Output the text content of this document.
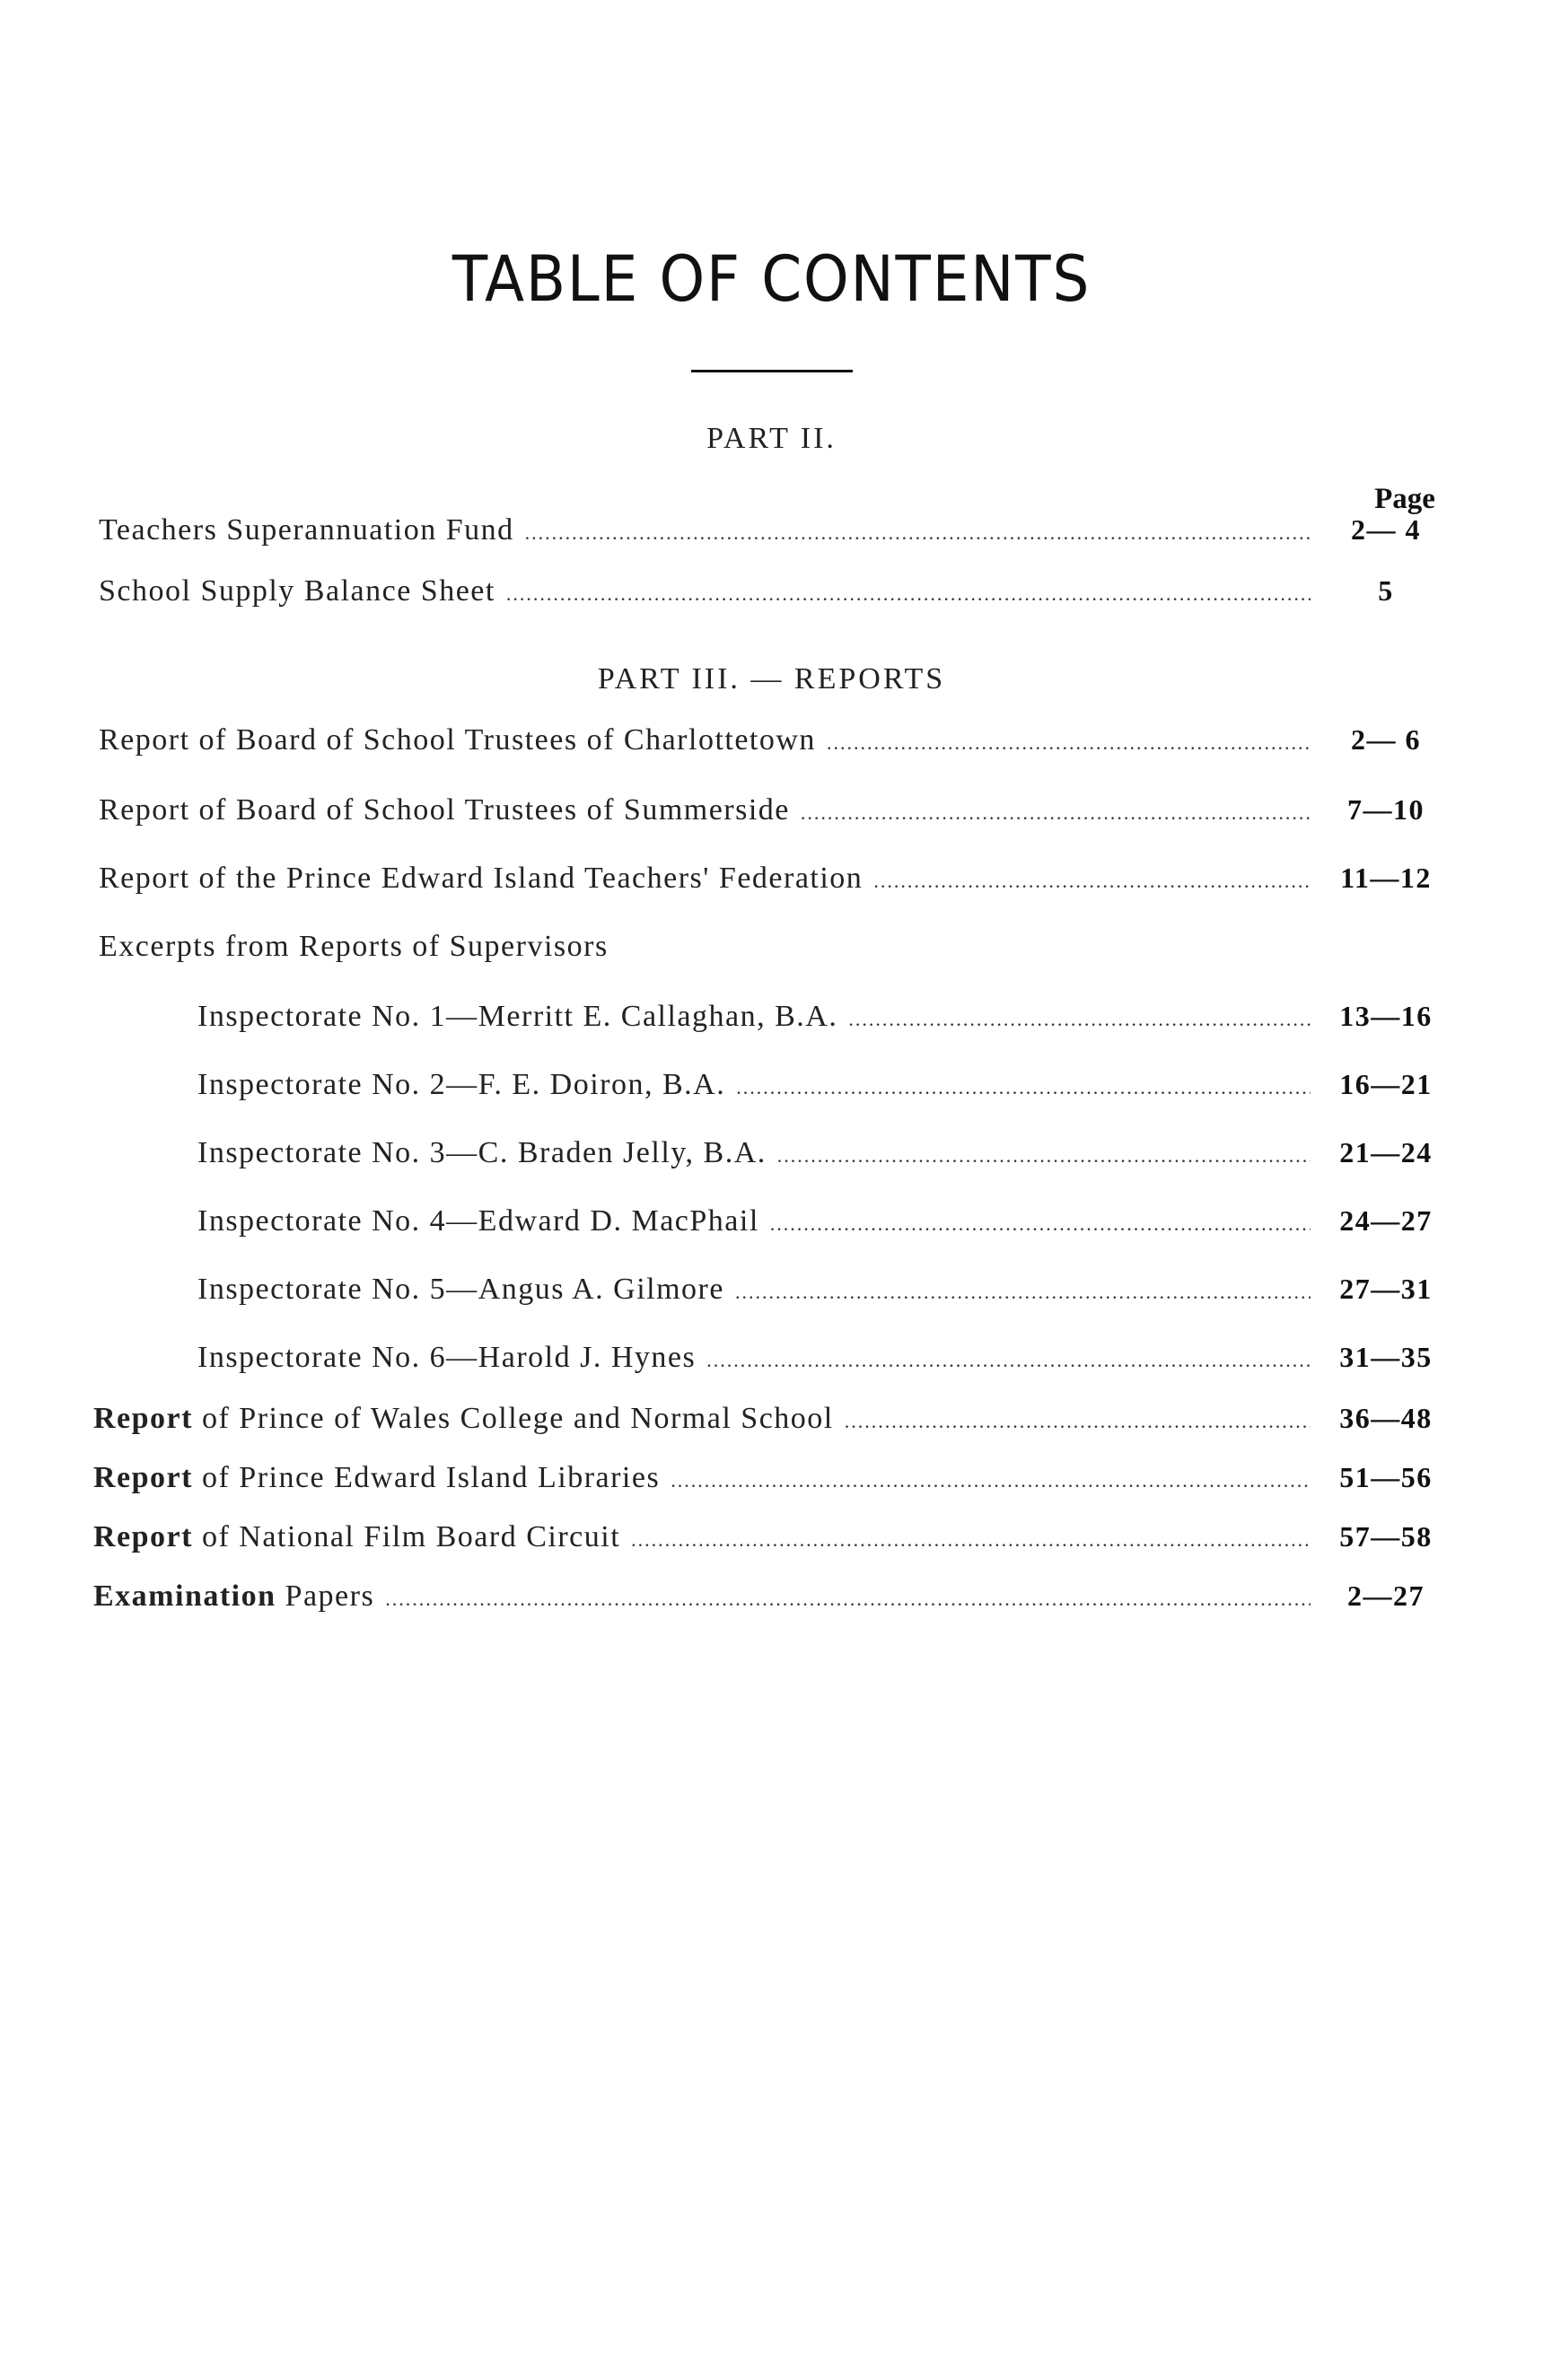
TABLE OF CONTENTS
PART II.
Page
Teachers Superannuation Fund .....	2— 4
School Supply Balance Sheet .....	5
PART III. — REPORTS
Report of Board of School Trustees of Charlottetown .....	2— 6
Report of Board of School Trustees of Summerside .....	7—10
Report of the Prince Edward Island Teachers' Federation .....	11—12
Excerpts from Reports of Supervisors
Inspectorate No. 1—Merritt E. Callaghan, B.A. .....	13—16
Inspectorate No. 2—F. E. Doiron, B.A. .....	16—21
Inspectorate No. 3—C. Braden Jelly, B.A. .....	21—24
Inspectorate No. 4—Edward D. MacPhail .....	24—27
Inspectorate No. 5—Angus A. Gilmore .....	27—31
Inspectorate No. 6—Harold J. Hynes .....	31—35
Report of Prince of Wales College and Normal School .....	36—48
Report of Prince Edward Island Libraries .....	51—56
Report of National Film Board Circuit .....	57—58
Examination Papers .....	2—27
